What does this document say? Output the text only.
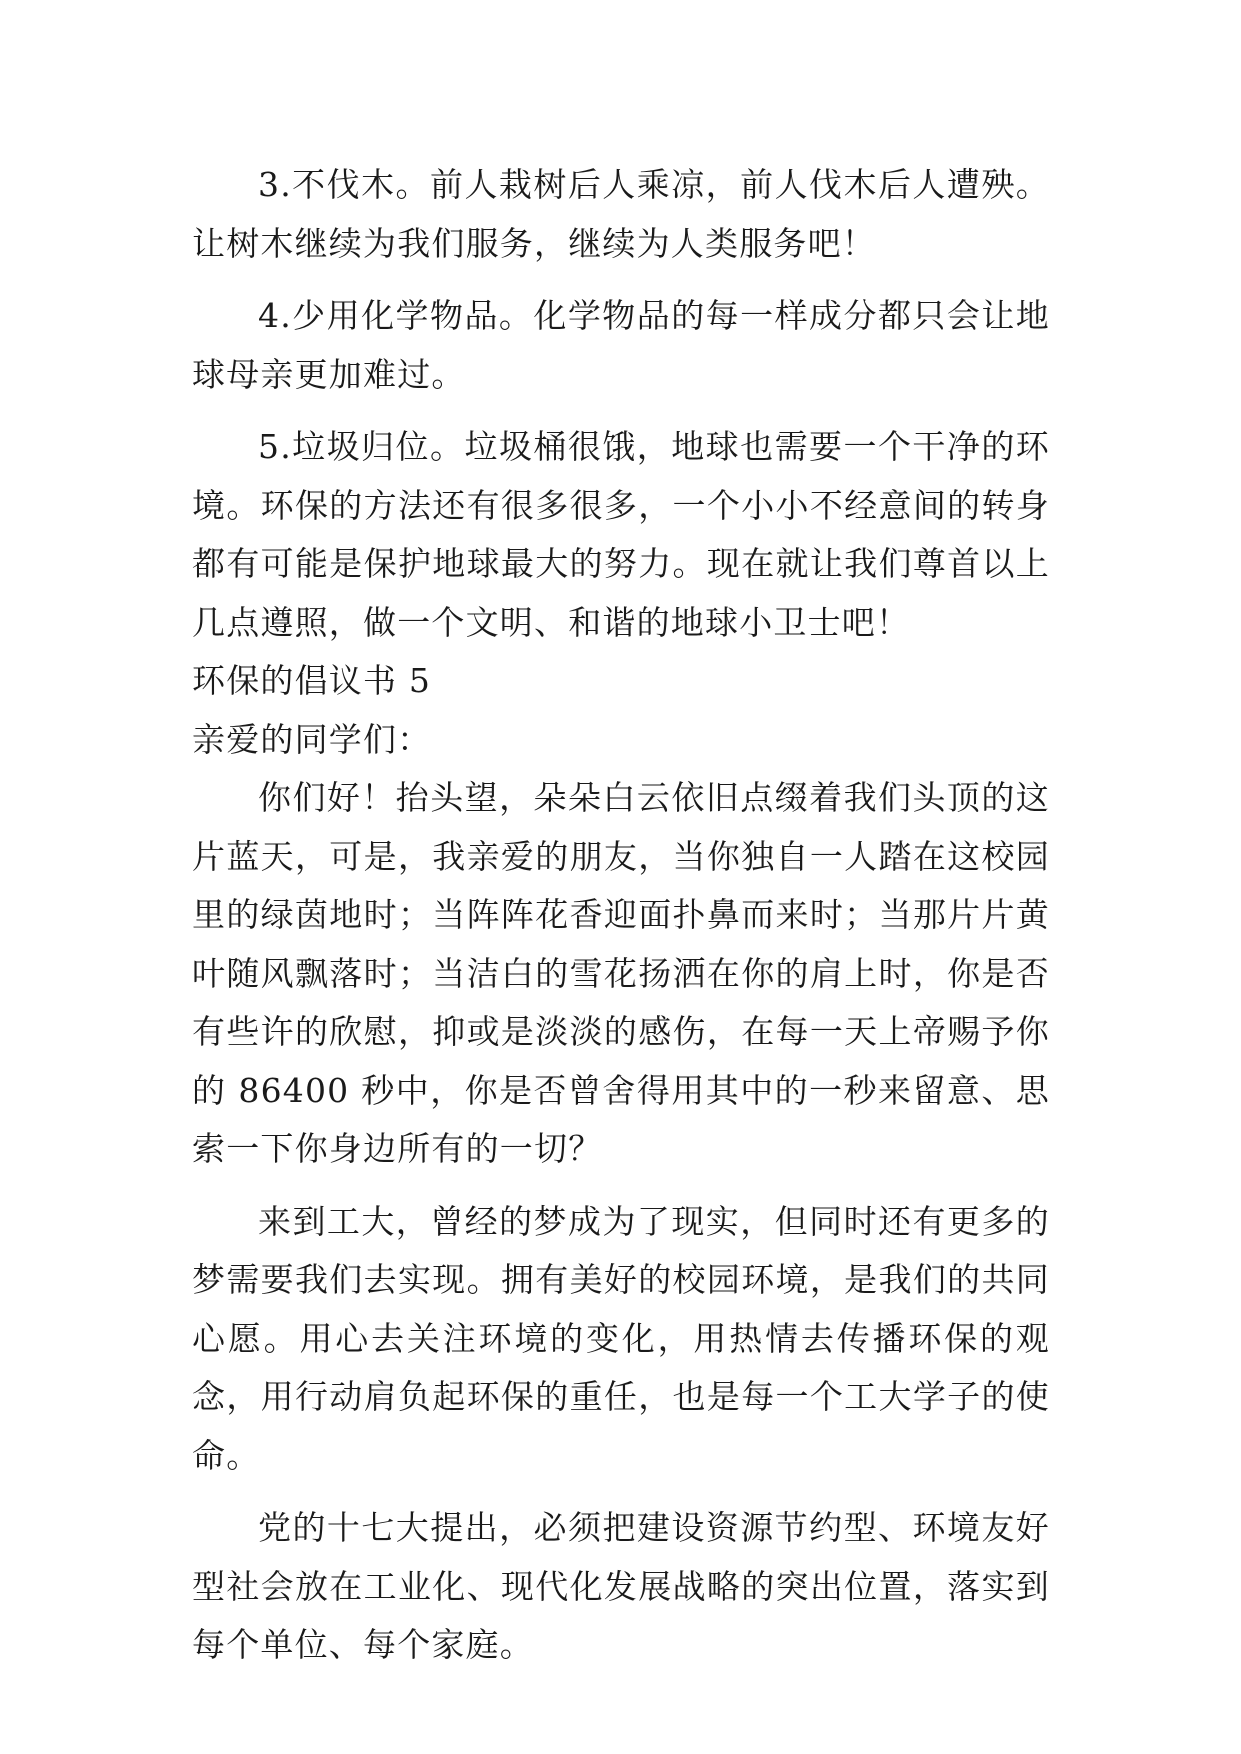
3.不伐木。前人栽树后人乘凉，前人伐木后人遭殃。让树木继续为我们服务，继续为人类服务吧！

4.少用化学物品。化学物品的每一样成分都只会让地球母亲更加难过。

5.垃圾归位。垃圾桶很饿，地球也需要一个干净的环境。环保的方法还有很多很多，一个小小不经意间的转身都有可能是保护地球最大的努力。现在就让我们尊首以上几点遵照，做一个文明、和谐的地球小卫士吧！

环保的倡议书 5

亲爱的同学们：

你们好！抬头望，朵朵白云依旧点缀着我们头顶的这片蓝天，可是，我亲爱的朋友，当你独自一人踏在这校园里的绿茵地时；当阵阵花香迎面扑鼻而来时；当那片片黄叶随风飘落时；当洁白的雪花扬洒在你的肩上时，你是否有些许的欣慰，抑或是淡淡的感伤，在每一天上帝赐予你的 86400 秒中，你是否曾舍得用其中的一秒来留意、思索一下你身边所有的一切？

来到工大，曾经的梦成为了现实，但同时还有更多的梦需要我们去实现。拥有美好的校园环境，是我们的共同心愿。用心去关注环境的变化，用热情去传播环保的观念，用行动肩负起环保的重任，也是每一个工大学子的使命。

党的十七大提出，必须把建设资源节约型、环境友好型社会放在工业化、现代化发展战略的突出位置，落实到每个单位、每个家庭。
